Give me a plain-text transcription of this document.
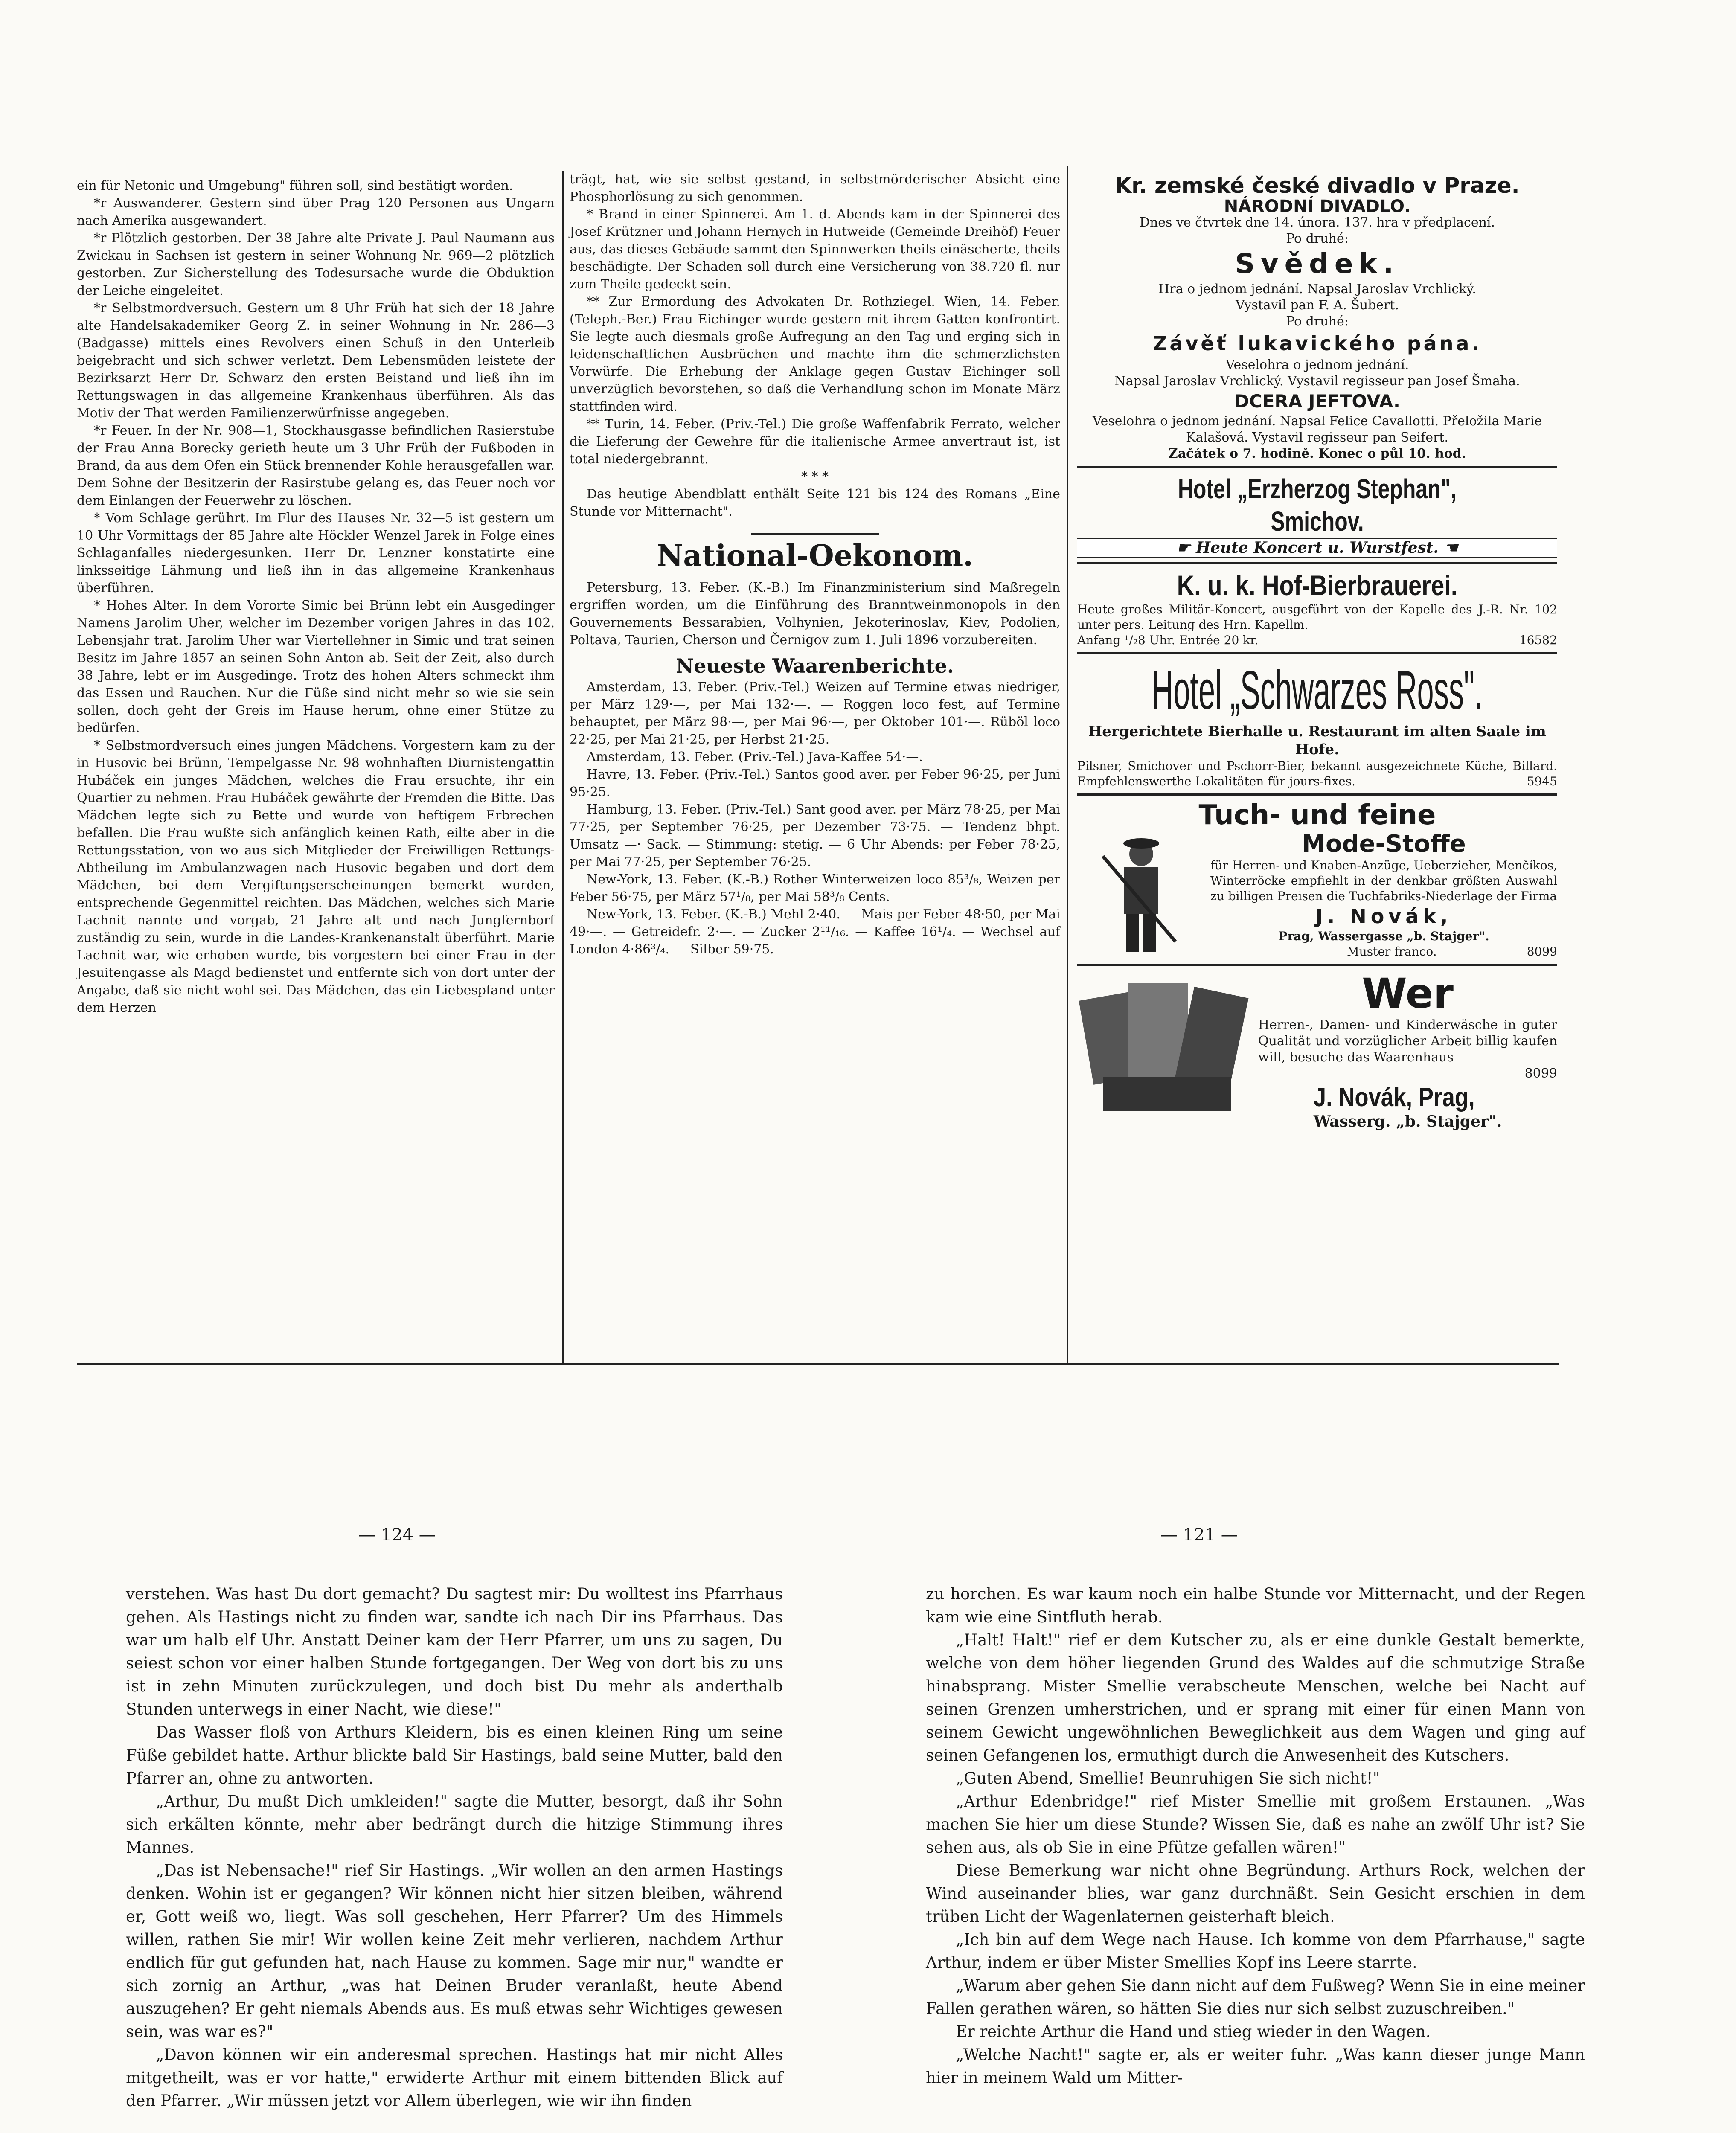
ein für Netonic und Umgebung" führen soll, sind bestätigt worden.

*r Auswanderer. Gestern sind über Prag 120 Personen aus Ungarn nach Amerika ausgewandert.

*r Plötzlich gestorben. Der 38 Jahre alte Private J. Paul Naumann aus Zwickau in Sachsen ist gestern in seiner Wohnung Nr. 969—2 plötzlich gestorben. Zur Sicherstellung des Todesursache wurde die Obduktion der Leiche eingeleitet.

*r Selbstmordversuch. Gestern um 8 Uhr Früh hat sich der 18 Jahre alte Handelsakademiker Georg Z. in seiner Wohnung in Nr. 286—3 (Badgasse) mittels eines Revolvers einen Schuß in den Unterleib beigebracht und sich schwer verletzt. Dem Lebensmüden leistete der Bezirksarzt Herr Dr. Schwarz den ersten Beistand und ließ ihn im Rettungswagen in das allgemeine Krankenhaus überführen. Als das Motiv der That werden Familienzerwürfnisse angegeben.

*r Feuer. In der Nr. 908—1, Stockhausgasse befindlichen Rasierstube der Frau Anna Borecky gerieth heute um 3 Uhr Früh der Fußboden in Brand, da aus dem Ofen ein Stück brennender Kohle herausgefallen war. Dem Sohne der Besitzerin der Rasirstube gelang es, das Feuer noch vor dem Einlangen der Feuerwehr zu löschen.

* Vom Schlage gerührt. Im Flur des Hauses Nr. 32—5 ist gestern um 10 Uhr Vormittags der 85 Jahre alte Höckler Wenzel Jarek in Folge eines Schlaganfalles niedergesunken. Herr Dr. Lenzner konstatirte eine linksseitige Lähmung und ließ ihn in das allgemeine Krankenhaus überführen.

* Hohes Alter. In dem Vororte Simic bei Brünn lebt ein Ausgedinger Namens Jarolim Uher, welcher im Dezember vorigen Jahres in das 102. Lebensjahr trat. Jarolim Uher war Viertellehner in Simic und trat seinen Besitz im Jahre 1857 an seinen Sohn Anton ab. Seit der Zeit, also durch 38 Jahre, lebt er im Ausgedinge. Trotz des hohen Alters schmeckt ihm das Essen und Rauchen. Nur die Füße sind nicht mehr so wie sie sein sollen, doch geht der Greis im Hause herum, ohne einer Stütze zu bedürfen.

* Selbstmordversuch eines jungen Mädchens. Vorgestern kam zu der in Husovic bei Brünn, Tempelgasse Nr. 98 wohnhaften Diurnistengattin Hubáček ein junges Mädchen, welches die Frau ersuchte, ihr ein Quartier zu nehmen. Frau Hubáček gewährte der Fremden die Bitte. Das Mädchen legte sich zu Bette und wurde von heftigem Erbrechen befallen. Die Frau wußte sich anfänglich keinen Rath, eilte aber in die Rettungsstation, von wo aus sich Mitglieder der Freiwilligen Rettungs-Abtheilung im Ambulanzwagen nach Husovic begaben und dort dem Mädchen, bei dem Vergiftungserscheinungen bemerkt wurden, entsprechende Gegenmittel reichten. Das Mädchen, welches sich Marie Lachnit nannte und vorgab, 21 Jahre alt und nach Jungfernborf zuständig zu sein, wurde in die Landes-Krankenanstalt überführt. Marie Lachnit war, wie erhoben wurde, bis vorgestern bei einer Frau in der Jesuitengasse als Magd bedienstet und entfernte sich von dort unter der Angabe, daß sie nicht wohl sei. Das Mädchen, das ein Liebespfand unter dem Herzen

trägt, hat, wie sie selbst gestand, in selbstmörderischer Absicht eine Phosphorlösung zu sich genommen.

* Brand in einer Spinnerei. Am 1. d. Abends kam in der Spinnerei des Josef Krützner und Johann Hernych in Hutweide (Gemeinde Dreihöf) Feuer aus, das dieses Gebäude sammt den Spinnwerken theils einäscherte, theils beschädigte. Der Schaden soll durch eine Versicherung von 38.720 fl. nur zum Theile gedeckt sein.

** Zur Ermordung des Advokaten Dr. Rothziegel. Wien, 14. Feber. (Teleph.-Ber.) Frau Eichinger wurde gestern mit ihrem Gatten konfrontirt. Sie legte auch diesmals große Aufregung an den Tag und erging sich in leidenschaftlichen Ausbrüchen und machte ihm die schmerzlichsten Vorwürfe. Die Erhebung der Anklage gegen Gustav Eichinger soll unverzüglich bevorstehen, so daß die Verhandlung schon im Monate März stattfinden wird.

** Turin, 14. Feber. (Priv.-Tel.) Die große Waffenfabrik Ferrato, welcher die Lieferung der Gewehre für die italienische Armee anvertraut ist, ist total niedergebrannt.

* * *

Das heutige Abendblatt enthält Seite 121 bis 124 des Romans „Eine Stunde vor Mitternacht".

National-Oekonom.

Petersburg, 13. Feber. (K.-B.) Im Finanzministerium sind Maßregeln ergriffen worden, um die Einführung des Branntweinmonopols in den Gouvernements Bessarabien, Volhynien, Jekoterinoslav, Kiev, Podolien, Poltava, Taurien, Cherson und Černigov zum 1. Juli 1896 vorzubereiten.

Neueste Waarenberichte.

Amsterdam, 13. Feber. (Priv.-Tel.) Weizen auf Termine etwas niedriger, per März 129·—, per Mai 132·—. — Roggen loco fest, auf Termine behauptet, per März 98·—, per Mai 96·—, per Oktober 101·—. Rüböl loco 22·25, per Mai 21·25, per Herbst 21·25.

Amsterdam, 13. Feber. (Priv.-Tel.) Java-Kaffee 54·—.

Havre, 13. Feber. (Priv.-Tel.) Santos good aver. per Feber 96·25, per Juni 95·25.

Hamburg, 13. Feber. (Priv.-Tel.) Sant good aver. per März 78·25, per Mai 77·25, per September 76·25, per Dezember 73·75. — Tendenz bhpt. Umsatz —· Sack. — Stimmung: stetig. — 6 Uhr Abends: per Feber 78·25, per Mai 77·25, per September 76·25.

New-York, 13. Feber. (K.-B.) Rother Winterweizen loco 85³/₈, Weizen per Feber 56·75, per März 57¹/₈, per Mai 58³/₈ Cents.

New-York, 13. Feber. (K.-B.) Mehl 2·40. — Mais per Feber 48·50, per Mai 49·—. — Getreidefr. 2·—. — Zucker 2¹¹/₁₆. — Kaffee 16¹/₄. — Wechsel auf London 4·86³/₄. — Silber 59·75.

Kr. zemské české divadlo v Praze.
NÁRODNÍ DIVADLO.
Dnes ve čtvrtek dne 14. února. 137. hra v předplacení.
Po druhé:
Svědek.
Hra o jednom jednání. Napsal Jaroslav Vrchlický.
Vystavil pan F. A. Šubert.
Po druhé:
Závěť lukavického pána.
Veselohra o jednom jednání.
Napsal Jaroslav Vrchlický. Vystavil regisseur pan Josef Šmaha.
DCERA JEFTOVA.
Veselohra o jednom jednání. Napsal Felice Cavallotti. Přeložila Marie Kalašová. Vystavil regisseur pan Seifert.
Začátek o 7. hodině. Konec o půl 10. hod.
Hotel „Erzherzog Stephan", Smichov.
☛ Heute Koncert u. Wurstfest. ☚
K. u. k. Hof-Bierbrauerei.
Heute großes Militär-Koncert, ausgeführt von der Kapelle des J.-R. Nr. 102 unter pers. Leitung des Hrn. Kapellm.
Anfang ¹/₂8 Uhr. Entrée 20 kr.	16582
Hotel „Schwarzes Ross".
Hergerichtete Bierhalle u. Restaurant im alten Saale im Hofe.
Pilsner, Smichover und Pschorr-Bier, bekannt ausgezeichnete Küche, Billard. Empfehlenswerthe Lokalitäten für jours-fixes.	5945
Tuch- und feine
Mode-Stoffe
für Herren- und Knaben-Anzüge, Ueberzieher, Menčíkos, Winterröcke empfiehlt in der denkbar größten Auswahl zu billigen Preisen die Tuchfabriks-Niederlage der Firma
J. Novák,
Prag, Wassergasse „b. Stajger".
Muster franco.	8099
Wer
Herren-, Damen- und Kinderwäsche in guter Qualität und vorzüglicher Arbeit billig kaufen will, besuche das Waarenhaus
8099
J. Novák, Prag,
Wasserg. „b. Stajger".
— 124 —	— 121 —

verstehen. Was hast Du dort gemacht? Du sagtest mir: Du wolltest ins Pfarrhaus gehen. Als Hastings nicht zu finden war, sandte ich nach Dir ins Pfarrhaus. Das war um halb elf Uhr. Anstatt Deiner kam der Herr Pfarrer, um uns zu sagen, Du seiest schon vor einer halben Stunde fortgegangen. Der Weg von dort bis zu uns ist in zehn Minuten zurückzulegen, und doch bist Du mehr als anderthalb Stunden unterwegs in einer Nacht, wie diese!"

Das Wasser floß von Arthurs Kleidern, bis es einen kleinen Ring um seine Füße gebildet hatte. Arthur blickte bald Sir Hastings, bald seine Mutter, bald den Pfarrer an, ohne zu antworten.

„Arthur, Du mußt Dich umkleiden!" sagte die Mutter, besorgt, daß ihr Sohn sich erkälten könnte, mehr aber bedrängt durch die hitzige Stimmung ihres Mannes.

„Das ist Nebensache!" rief Sir Hastings. „Wir wollen an den armen Hastings denken. Wohin ist er gegangen? Wir können nicht hier sitzen bleiben, während er, Gott weiß wo, liegt. Was soll geschehen, Herr Pfarrer? Um des Himmels willen, rathen Sie mir! Wir wollen keine Zeit mehr verlieren, nachdem Arthur endlich für gut gefunden hat, nach Hause zu kommen. Sage mir nur," wandte er sich zornig an Arthur, „was hat Deinen Bruder veranlaßt, heute Abend auszugehen? Er geht niemals Abends aus. Es muß etwas sehr Wichtiges gewesen sein, was war es?"

„Davon können wir ein anderesmal sprechen. Hastings hat mir nicht Alles mitgetheilt, was er vor hatte," erwiderte Arthur mit einem bittenden Blick auf den Pfarrer. „Wir müssen jetzt vor Allem überlegen, wie wir ihn finden

zu horchen. Es war kaum noch ein halbe Stunde vor Mitternacht, und der Regen kam wie eine Sintfluth herab.

„Halt! Halt!" rief er dem Kutscher zu, als er eine dunkle Gestalt bemerkte, welche von dem höher liegenden Grund des Waldes auf die schmutzige Straße hinabsprang. Mister Smellie verabscheute Menschen, welche bei Nacht auf seinen Grenzen umherstrichen, und er sprang mit einer für einen Mann von seinem Gewicht ungewöhnlichen Beweglichkeit aus dem Wagen und ging auf seinen Gefangenen los, ermuthigt durch die Anwesenheit des Kutschers.

„Guten Abend, Smellie! Beunruhigen Sie sich nicht!"

„Arthur Edenbridge!" rief Mister Smellie mit großem Erstaunen. „Was machen Sie hier um diese Stunde? Wissen Sie, daß es nahe an zwölf Uhr ist? Sie sehen aus, als ob Sie in eine Pfütze gefallen wären!"

Diese Bemerkung war nicht ohne Begründung. Arthurs Rock, welchen der Wind auseinander blies, war ganz durchnäßt. Sein Gesicht erschien in dem trüben Licht der Wagenlaternen geisterhaft bleich.

„Ich bin auf dem Wege nach Hause. Ich komme von dem Pfarrhause," sagte Arthur, indem er über Mister Smellies Kopf ins Leere starrte.

„Warum aber gehen Sie dann nicht auf dem Fußweg? Wenn Sie in eine meiner Fallen gerathen wären, so hätten Sie dies nur sich selbst zuzuschreiben."

Er reichte Arthur die Hand und stieg wieder in den Wagen.

„Welche Nacht!" sagte er, als er weiter fuhr. „Was kann dieser junge Mann hier in meinem Wald um Mitter-
